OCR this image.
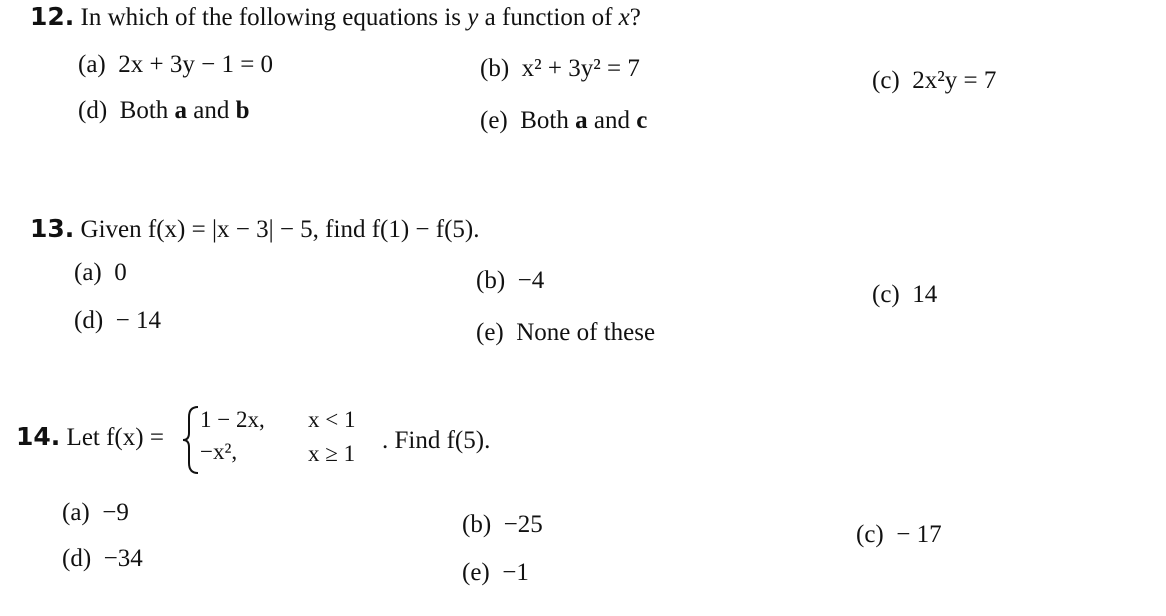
12. In which of the following equations is y a function of x?
(a) 2x + 3y − 1 = 0	(b) x² + 3y² = 7	(c) 2x²y = 7
(d) Both a and b	(e) Both a and c
13. Given f(x) = |x − 3| − 5, find f(1) − f(5).
(a) 0	(b) −4
(c) 14
(d) − 14	(e) None of these
14. Let f(x) =
1 − 2x, x < 1
−x²,	x ≥ 1 . Find f(5).
(a) −9	(b) −25	(c) − 17
(d) −34
(e) −1
